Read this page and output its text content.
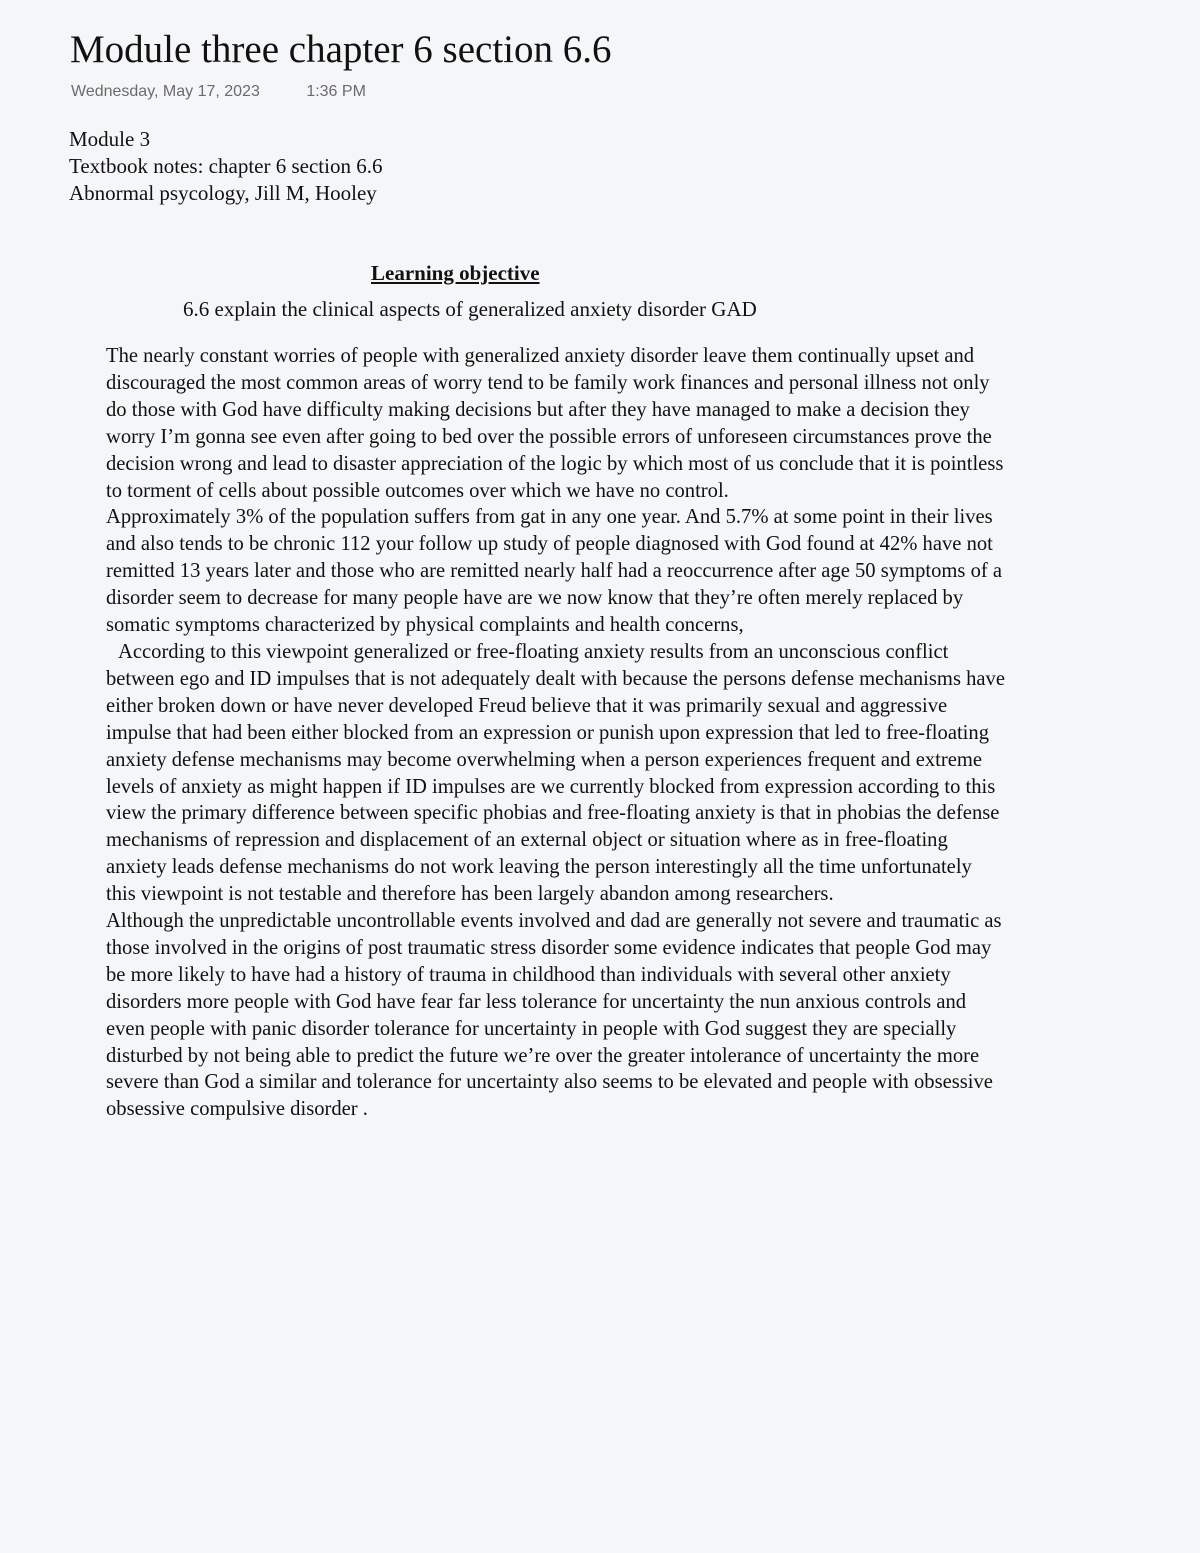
Module three chapter 6 section 6.6
Wednesday, May 17, 2023	1:36 PM
Module 3
Textbook notes: chapter 6 section 6.6
Abnormal psycology, Jill M, Hooley
Learning objective
6.6 explain the clinical aspects of generalized anxiety disorder GAD

The nearly constant worries of people with generalized anxiety disorder leave them continually upset and discouraged the most common areas of worry tend to be family work finances and personal illness not only do those with God have difficulty making decisions but after they have managed to make a decision they worry I’m gonna see even after going to bed over the possible errors of unforeseen circumstances prove the decision wrong and lead to disaster appreciation of the logic by which most of us conclude that it is pointless to torment of cells about possible outcomes over which we have no control.

Approximately 3% of the population suffers from gat in any one year. And 5.7% at some point in their lives and also tends to be chronic 112 your follow up study of people diagnosed with God found at 42% have not remitted 13 years later and those who are remitted nearly half had a reoccurrence after age 50 symptoms of a disorder seem to decrease for many people have are we now know that they’re often merely replaced by somatic symptoms characterized by physical complaints and health concerns,

According to this viewpoint generalized or free-floating anxiety results from an unconscious conflict between ego and ID impulses that is not adequately dealt with because the persons defense mechanisms have either broken down or have never developed Freud believe that it was primarily sexual and aggressive impulse that had been either blocked from an expression or punish upon expression that led to free-floating anxiety defense mechanisms may become overwhelming when a person experiences frequent and extreme levels of anxiety as might happen if ID impulses are we currently blocked from expression according to this view the primary difference between specific phobias and free-floating anxiety is that in phobias the defense mechanisms of repression and displacement of an external object or situation where as in free-floating anxiety leads defense mechanisms do not work leaving the person interestingly all the time unfortunately this viewpoint is not testable and therefore has been largely abandon among researchers.

Although the unpredictable uncontrollable events involved and dad are generally not severe and traumatic as those involved in the origins of post traumatic stress disorder some evidence indicates that people God may be more likely to have had a history of trauma in childhood than individuals with several other anxiety disorders more people with God have fear far less tolerance for uncertainty the nun anxious controls and even people with panic disorder tolerance for uncertainty in people with God suggest they are specially disturbed by not being able to predict the future we’re over the greater intolerance of uncertainty the more severe than God a similar and tolerance for uncertainty also seems to be elevated and people with obsessive obsessive compulsive disorder .
